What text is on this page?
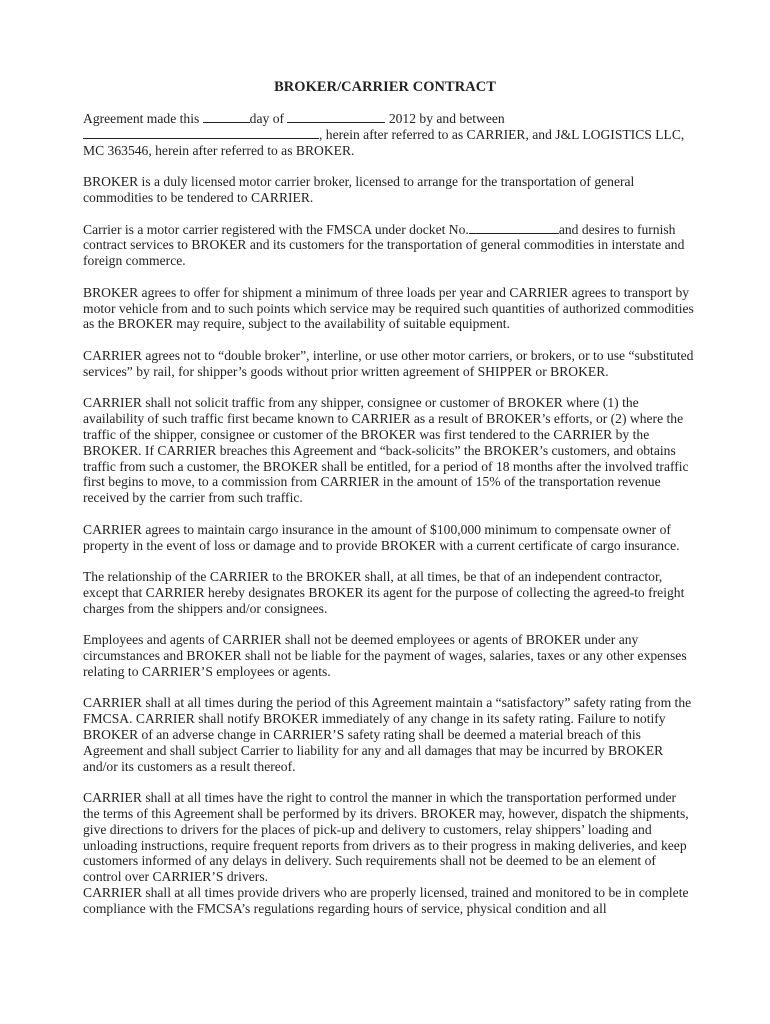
BROKER/CARRIER CONTRACT

Agreement made this	day of	2012 by and between
, herein after referred to as CARRIER, and J&L LOGISTICS LLC, MC 363546, herein after referred to as BROKER.

BROKER is a duly licensed motor carrier broker, licensed to arrange for the transportation of general commodities to be tendered to CARRIER.

Carrier is a motor carrier registered with the FMSCA under docket No.	and desires to furnish contract services to BROKER and its customers for the transportation of general commodities in interstate and foreign commerce.

BROKER agrees to offer for shipment a minimum of three loads per year and CARRIER agrees to transport by motor vehicle from and to such points which service may be required such quantities of authorized commodities as the BROKER may require, subject to the availability of suitable equipment.

CARRIER agrees not to “double broker”, interline, or use other motor carriers, or brokers, or to use “substituted services” by rail, for shipper’s goods without prior written agreement of SHIPPER or BROKER.

CARRIER shall not solicit traffic from any shipper, consignee or customer of BROKER where (1) the availability of such traffic first became known to CARRIER as a result of BROKER’s efforts, or (2) where the traffic of the shipper, consignee or customer of the BROKER was first tendered to the CARRIER by the BROKER. If CARRIER breaches this Agreement and “back-solicits” the BROKER’s customers, and obtains traffic from such a customer, the BROKER shall be entitled, for a period of 18 months after the involved traffic first begins to move, to a commission from CARRIER in the amount of 15% of the transportation revenue received by the carrier from such traffic.

CARRIER agrees to maintain cargo insurance in the amount of $100,000 minimum to compensate owner of property in the event of loss or damage and to provide BROKER with a current certificate of cargo insurance.

The relationship of the CARRIER to the BROKER shall, at all times, be that of an independent contractor, except that CARRIER hereby designates BROKER its agent for the purpose of collecting the agreed-to freight charges from the shippers and/or consignees.

Employees and agents of CARRIER shall not be deemed employees or agents of BROKER under any circumstances and BROKER shall not be liable for the payment of wages, salaries, taxes or any other expenses relating to CARRIER’S employees or agents.

CARRIER shall at all times during the period of this Agreement maintain a “satisfactory” safety rating from the FMCSA. CARRIER shall notify BROKER immediately of any change in its safety rating. Failure to notify BROKER of an adverse change in CARRIER’S safety rating shall be deemed a material breach of this Agreement and shall subject Carrier to liability for any and all damages that may be incurred by BROKER and/or its customers as a result thereof.

CARRIER shall at all times have the right to control the manner in which the transportation performed under the terms of this Agreement shall be performed by its drivers. BROKER may, however, dispatch the shipments, give directions to drivers for the places of pick-up and delivery to customers, relay shippers’ loading and unloading instructions, require frequent reports from drivers as to their progress in making deliveries, and keep customers informed of any delays in delivery. Such requirements shall not be deemed to be an element of control over CARRIER’S drivers.

CARRIER shall at all times provide drivers who are properly licensed, trained and monitored to be in complete compliance with the FMCSA’s regulations regarding hours of service, physical condition and all
